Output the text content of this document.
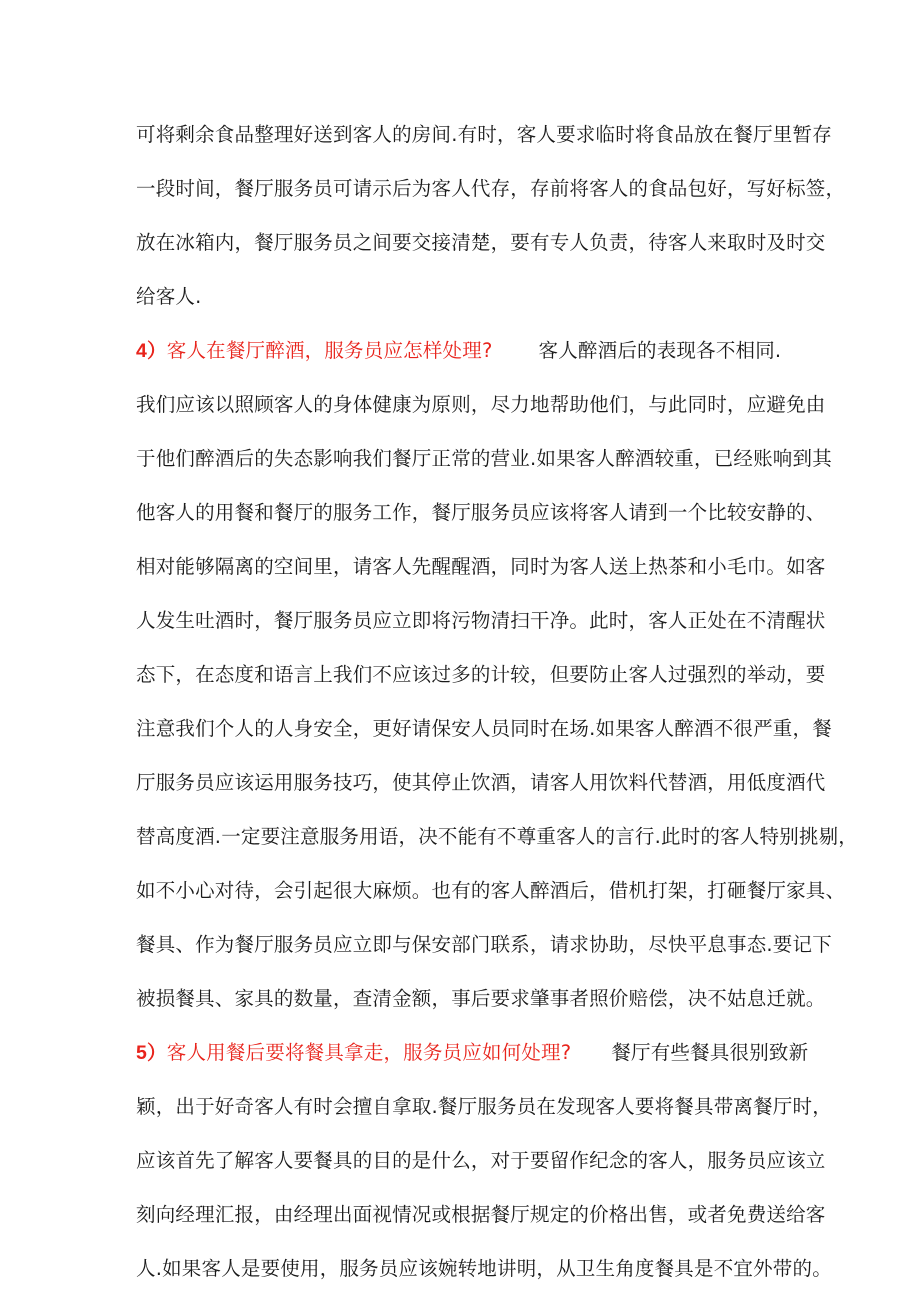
可将剩余食品整理好送到客人的房间.有时，客人要求临时将食品放在餐厅里暂存
一段时间，餐厅服务员可请示后为客人代存，存前将客人的食品包好，写好标签，
放在冰箱内，餐厅服务员之间要交接清楚，要有专人负责，待客人来取时及时交
给客人.
4）客人在餐厅醉酒，服务员应怎样处理? 客人醉酒后的表现各不相同.
我们应该以照顾客人的身体健康为原则，尽力地帮助他们，与此同时，应避免由
于他们醉酒后的失态影响我们餐厅正常的营业.如果客人醉酒较重，已经账响到其
他客人的用餐和餐厅的服务工作，餐厅服务员应该将客人请到一个比较安静的、
相对能够隔离的空间里，请客人先醒醒酒，同时为客人送上热茶和小毛巾。如客
人发生吐酒时，餐厅服务员应立即将污物清扫干净。此时，客人正处在不清醒状
态下，在态度和语言上我们不应该过多的计较，但要防止客人过强烈的举动，要
注意我们个人的人身安全，更好请保安人员同时在场.如果客人醉酒不很严重，餐
厅服务员应该运用服务技巧，使其停止饮酒，请客人用饮料代替酒，用低度酒代
替高度酒.一定要注意服务用语，决不能有不尊重客人的言行.此时的客人特别挑剔，
如不小心对待，会引起很大麻烦。也有的客人醉酒后，借机打架，打砸餐厅家具、
餐具、作为餐厅服务员应立即与保安部门联系，请求协助，尽快平息事态.要记下
被损餐具、家具的数量，查清金额，事后要求肇事者照价赔偿，决不姑息迁就。
5）客人用餐后要将餐具拿走，服务员应如何处理? 餐厅有些餐具很别致新
颖，出于好奇客人有时会擅自拿取.餐厅服务员在发现客人要将餐具带离餐厅时，
应该首先了解客人要餐具的目的是什么，对于要留作纪念的客人，服务员应该立
刻向经理汇报，由经理出面视情况或根据餐厅规定的价格出售，或者免费送给客
人.如果客人是要使用，服务员应该婉转地讲明，从卫生角度餐具是不宜外带的。
